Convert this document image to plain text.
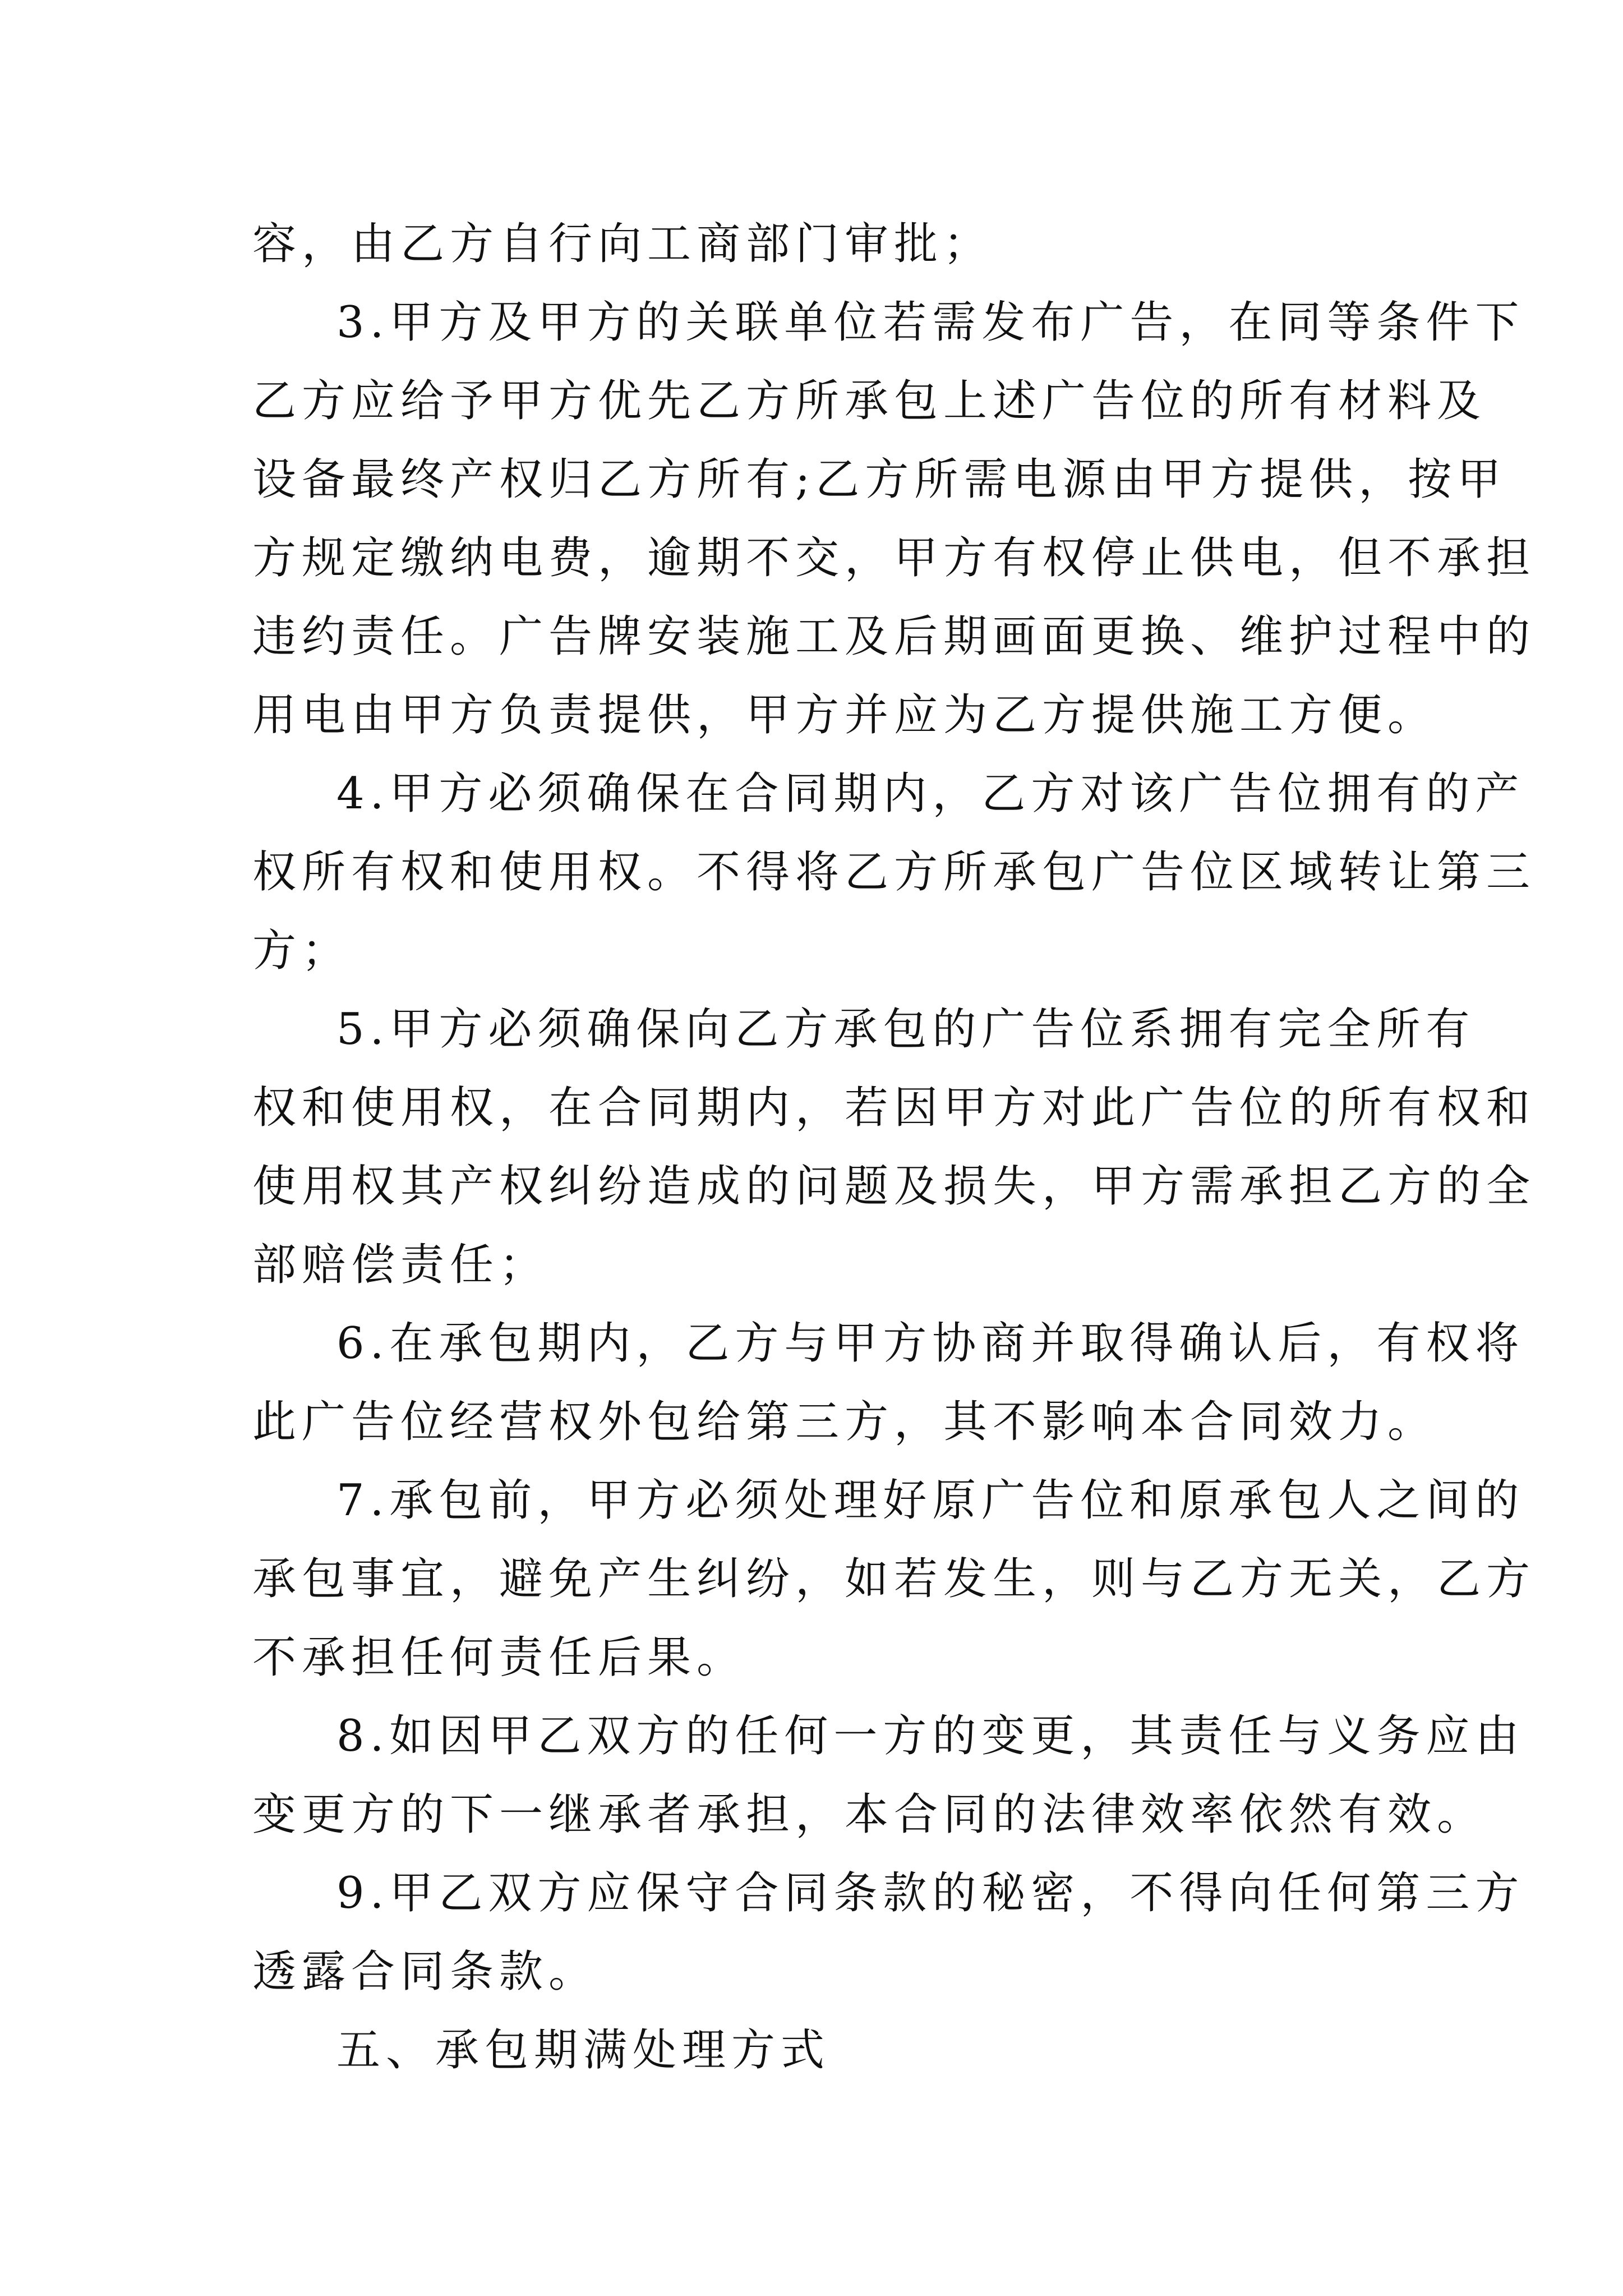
容，由乙方自行向工商部门审批；
3.甲方及甲方的关联单位若需发布广告，在同等条件下
乙方应给予甲方优先乙方所承包上述广告位的所有材料及
设备最终产权归乙方所有;乙方所需电源由甲方提供，按甲
方规定缴纳电费，逾期不交，甲方有权停止供电，但不承担
违约责任。广告牌安装施工及后期画面更换、维护过程中的
用电由甲方负责提供，甲方并应为乙方提供施工方便。
4.甲方必须确保在合同期内，乙方对该广告位拥有的产
权所有权和使用权。不得将乙方所承包广告位区域转让第三
方；
5.甲方必须确保向乙方承包的广告位系拥有完全所有
权和使用权，在合同期内，若因甲方对此广告位的所有权和
使用权其产权纠纷造成的问题及损失，甲方需承担乙方的全
部赔偿责任；
6.在承包期内，乙方与甲方协商并取得确认后，有权将
此广告位经营权外包给第三方，其不影响本合同效力。
7.承包前，甲方必须处理好原广告位和原承包人之间的
承包事宜，避免产生纠纷，如若发生，则与乙方无关，乙方
不承担任何责任后果。
8.如因甲乙双方的任何一方的变更，其责任与义务应由
变更方的下一继承者承担，本合同的法律效率依然有效。
9.甲乙双方应保守合同条款的秘密，不得向任何第三方
透露合同条款。
五、承包期满处理方式
